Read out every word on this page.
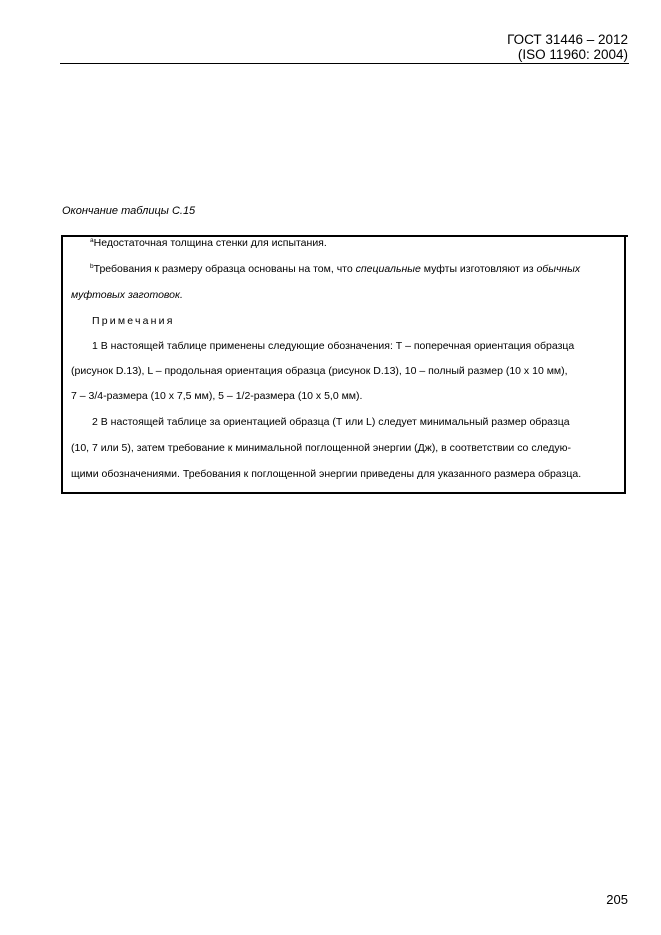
ГОСТ 31446 – 2012
(ISO 11960: 2004)
Окончание таблицы С.15
$^а$Недостаточная толщина стенки для испытания.
$^b$Требования к размеру образца основаны на том, что специальные муфты изготовляют из обычных
муфтовых заготовок.
Примечания
1 В настоящей таблице применены следующие обозначения: Т – поперечная ориентация образца
(рисунок D.13), L – продольная ориентация образца (рисунок D.13), 10 – полный размер (10 x 10 мм),
7 – 3/4-размера (10 x 7,5 мм), 5 – 1/2-размера (10 x 5,0 мм).
2 В настоящей таблице за ориентацией образца (Т или L) следует минимальный размер образца
(10, 7 или 5), затем требование к минимальной поглощенной энергии (Дж), в соответствии со следую-
щими обозначениями. Требования к поглощенной энергии приведены для указанного размера образца.
205
